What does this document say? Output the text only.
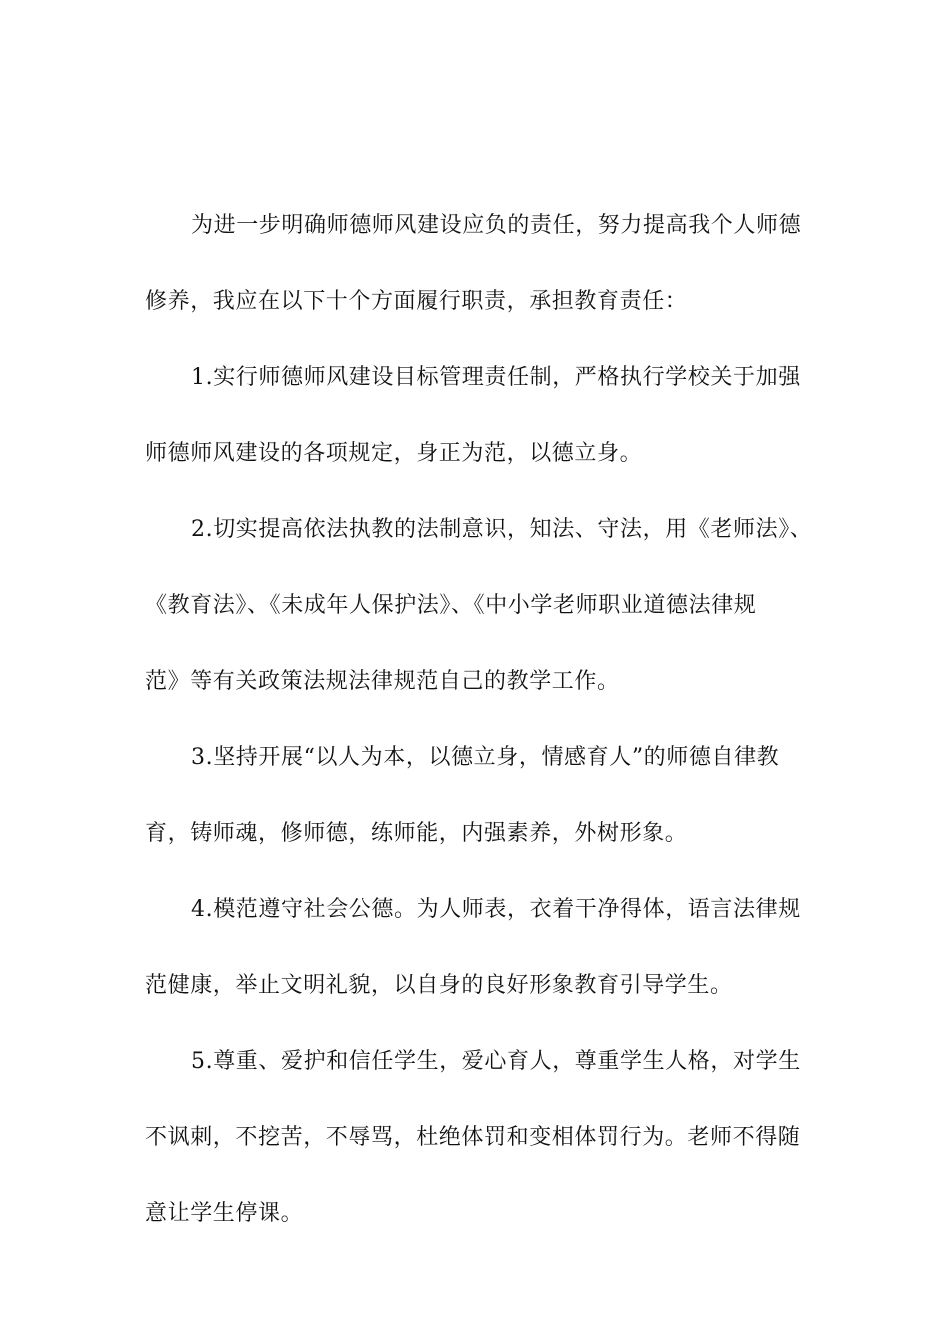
为进一步明确师德师风建设应负的责任，努力提高我个人师德
修养，我应在以下十个方面履行职责，承担教育责任：
1.实行师德师风建设目标管理责任制，严格执行学校关于加强
师德师风建设的各项规定，身正为范，以德立身。
2.切实提高依法执教的法制意识，知法、守法，用《老师法》、
《教育法》、《未成年人保护法》、《中小学老师职业道德法律规
范》等有关政策法规法律规范自己的教学工作。
3.坚持开展“以人为本，以德立身，情感育人”的师德自律教
育，铸师魂，修师德，练师能，内强素养，外树形象。
4.模范遵守社会公德。为人师表，衣着干净得体，语言法律规
范健康，举止文明礼貌，以自身的良好形象教育引导学生。
5.尊重、爱护和信任学生，爱心育人，尊重学生人格，对学生
不讽刺，不挖苦，不辱骂，杜绝体罚和变相体罚行为。老师不得随
意让学生停课。
